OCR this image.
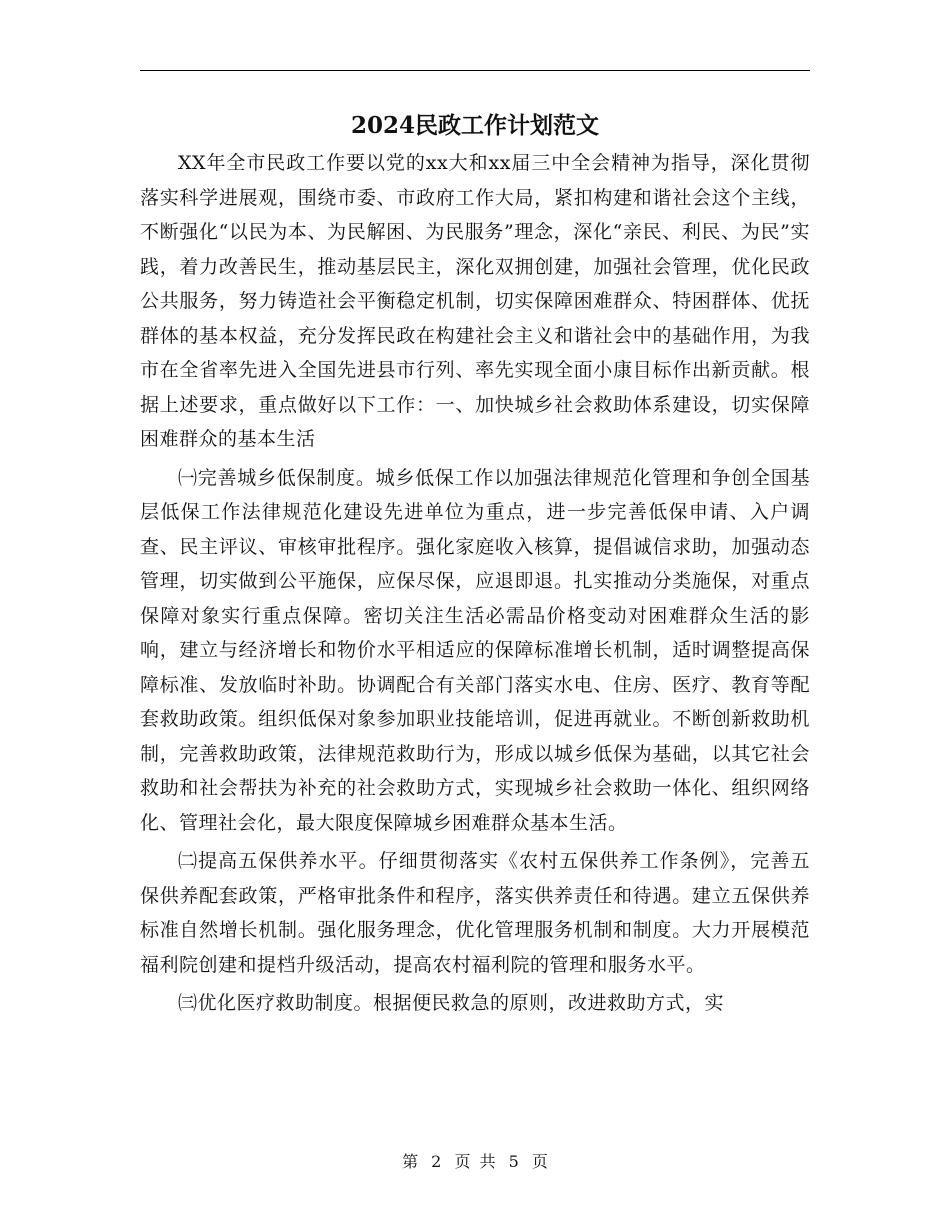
2024民政工作计划范文

XX年全市民政工作要以党的xx大和xx届三中全会精神为指导，深化贯彻落实科学进展观，围绕市委、市政府工作大局，紧扣构建和谐社会这个主线，不断强化“以民为本、为民解困、为民服务”理念，深化“亲民、利民、为民”实践，着力改善民生，推动基层民主，深化双拥创建，加强社会管理，优化民政公共服务，努力铸造社会平衡稳定机制，切实保障困难群众、特困群体、优抚群体的基本权益，充分发挥民政在构建社会主义和谐社会中的基础作用，为我市在全省率先进入全国先进县市行列、率先实现全面小康目标作出新贡献。根据上述要求，重点做好以下工作：一、加快城乡社会救助体系建设，切实保障困难群众的基本生活

㈠完善城乡低保制度。城乡低保工作以加强法律规范化管理和争创全国基层低保工作法律规范化建设先进单位为重点，进一步完善低保申请、入户调查、民主评议、审核审批程序。强化家庭收入核算，提倡诚信求助，加强动态管理，切实做到公平施保，应保尽保，应退即退。扎实推动分类施保，对重点保障对象实行重点保障。密切关注生活必需品价格变动对困难群众生活的影响，建立与经济增长和物价水平相适应的保障标准增长机制，适时调整提高保障标准、发放临时补助。协调配合有关部门落实水电、住房、医疗、教育等配套救助政策。组织低保对象参加职业技能培训，促进再就业。不断创新救助机制，完善救助政策，法律规范救助行为，形成以城乡低保为基础，以其它社会救助和社会帮扶为补充的社会救助方式，实现城乡社会救助一体化、组织网络化、管理社会化，最大限度保障城乡困难群众基本生活。

㈡提高五保供养水平。仔细贯彻落实《农村五保供养工作条例》，完善五保供养配套政策，严格审批条件和程序，落实供养责任和待遇。建立五保供养标准自然增长机制。强化服务理念，优化管理服务机制和制度。大力开展模范福利院创建和提档升级活动，提高农村福利院的管理和服务水平。

㈢优化医疗救助制度。根据便民救急的原则，改进救助方式，实

第 2 页 共 5 页
